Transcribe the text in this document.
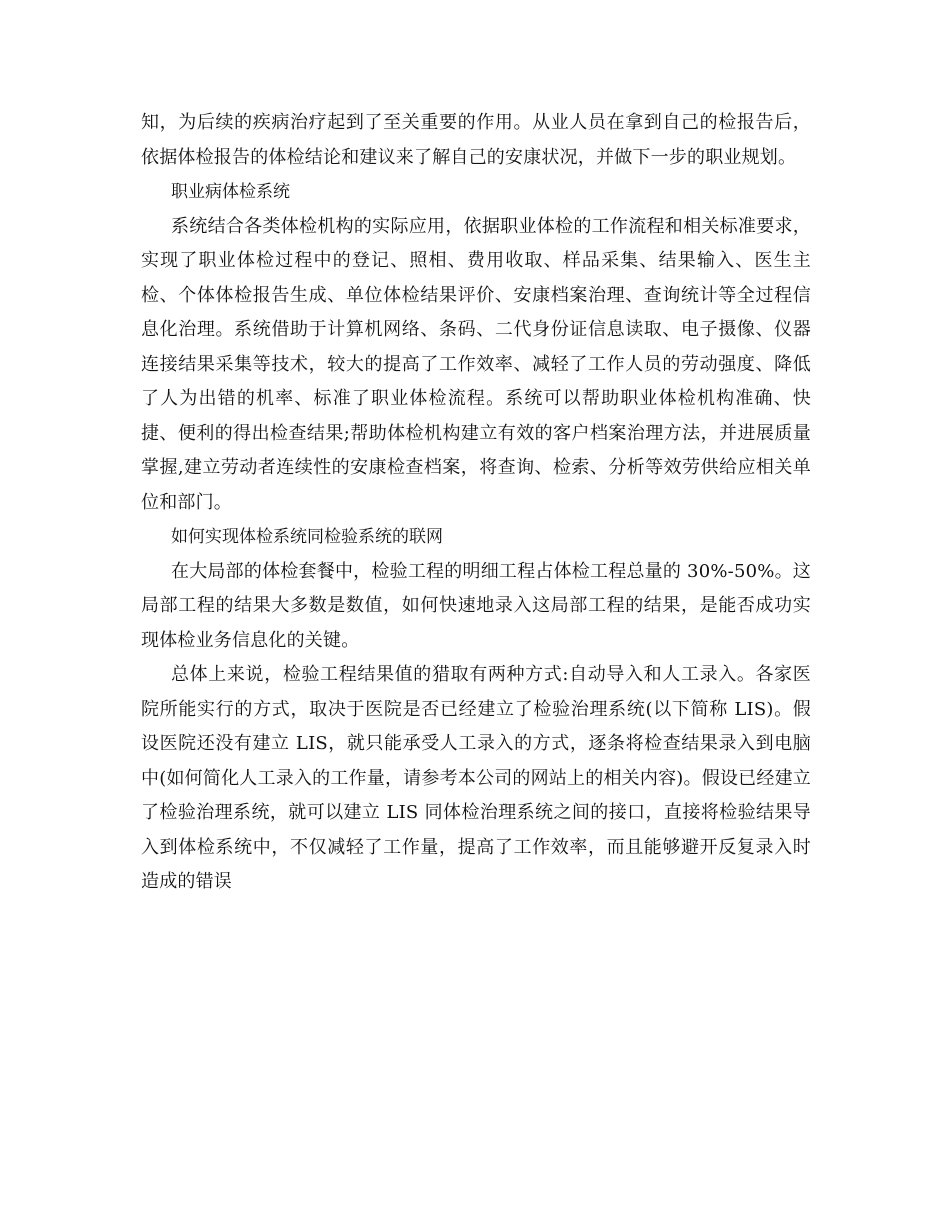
知，为后续的疾病治疗起到了至关重要的作用。从业人员在拿到自己的检报告后，依据体检报告的体检结论和建议来了解自己的安康状况，并做下一步的职业规划。

职业病体检系统

系统结合各类体检机构的实际应用，依据职业体检的工作流程和相关标准要求，实现了职业体检过程中的登记、照相、费用收取、样品采集、结果输入、医生主检、个体体检报告生成、单位体检结果评价、安康档案治理、查询统计等全过程信息化治理。系统借助于计算机网络、条码、二代身份证信息读取、电子摄像、仪器连接结果采集等技术，较大的提高了工作效率、减轻了工作人员的劳动强度、降低了人为出错的机率、标准了职业体检流程。系统可以帮助职业体检机构准确、快捷、便利的得出检查结果;帮助体检机构建立有效的客户档案治理方法，并进展质量掌握,建立劳动者连续性的安康检查档案，将查询、检索、分析等效劳供给应相关单位和部门。

如何实现体检系统同检验系统的联网

在大局部的体检套餐中，检验工程的明细工程占体检工程总量的 30%-50%。这局部工程的结果大多数是数值，如何快速地录入这局部工程的结果，是能否成功实现体检业务信息化的关键。

总体上来说，检验工程结果值的猎取有两种方式:自动导入和人工录入。各家医院所能实行的方式，取决于医院是否已经建立了检验治理系统(以下简称 LIS)。假设医院还没有建立 LIS，就只能承受人工录入的方式，逐条将检查结果录入到电脑中(如何简化人工录入的工作量，请参考本公司的网站上的相关内容)。假设已经建立了检验治理系统，就可以建立 LIS 同体检治理系统之间的接口，直接将检验结果导入到体检系统中，不仅减轻了工作量，提高了工作效率，而且能够避开反复录入时造成的错误
